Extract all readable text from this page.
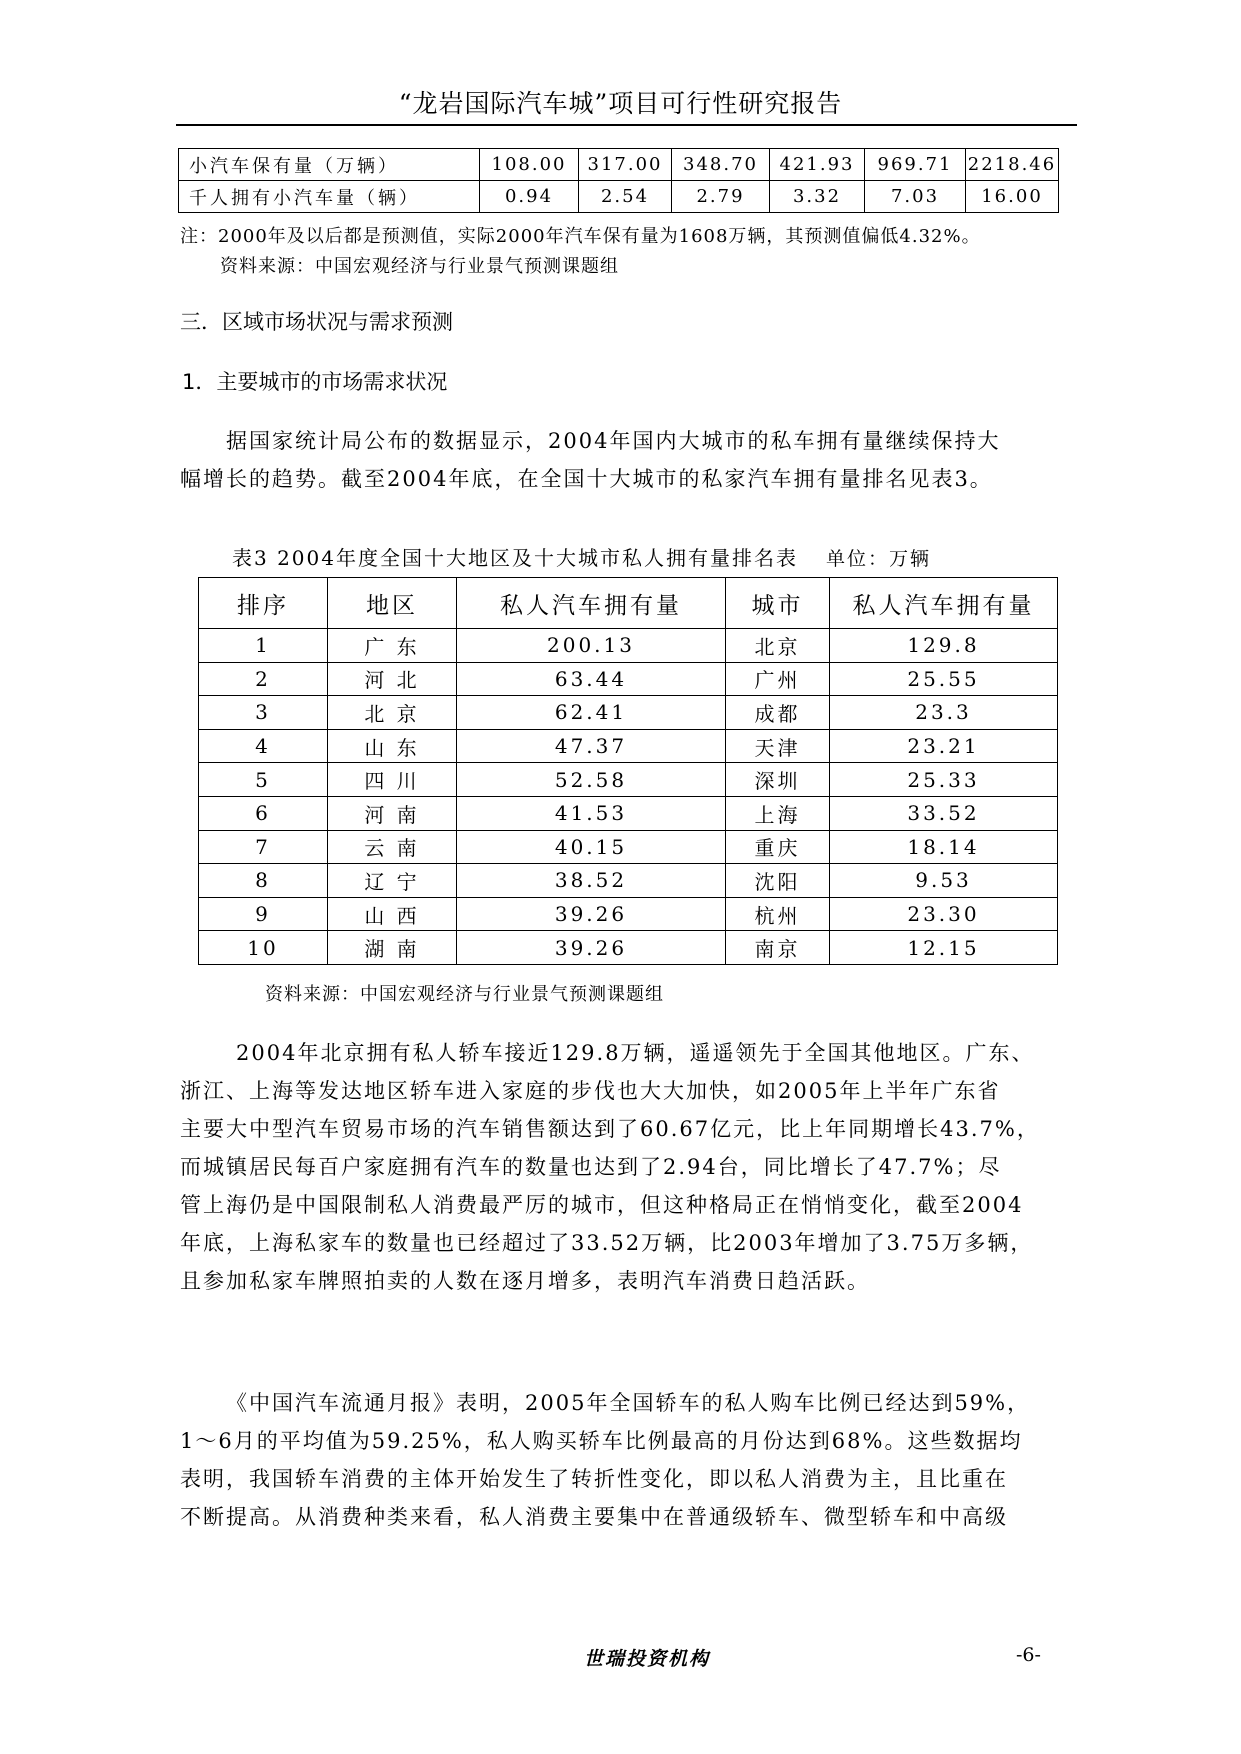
“龙岩国际汽车城”项目可行性研究报告
小汽车保有量（万辆）	108.00	317.00	348.70	421.93	969.71	2218.46
千人拥有小汽车量（辆）	0.94	2.54	2.79	3.32	7.03	16.00
注：2000年及以后都是预测值，实际2000年汽车保有量为1608万辆，其预测值偏低4.32%。
资料来源：中国宏观经济与行业景气预测课题组
三．区域市场状况与需求预测
1．主要城市的市场需求状况
据国家统计局公布的数据显示，2004年国内大城市的私车拥有量继续保持大
幅增长的趋势。截至2004年底，在全国十大城市的私家汽车拥有量排名见表3。
表3 2004年度全国十大地区及十大城市私人拥有量排名表 单位：万辆
排序	地区	私人汽车拥有量	城市	私人汽车拥有量
1	广 东	200.13	北京	129.8
2	河 北	63.44	广州	25.55
3	北 京	62.41	成都	23.3
4	山 东	47.37	天津	23.21
5	四 川	52.58	深圳	25.33
6	河 南	41.53	上海	33.52
7	云 南	40.15	重庆	18.14
8	辽 宁	38.52	沈阳	9.53
9	山 西	39.26	杭州	23.30
10	湖 南	39.26	南京	12.15
资料来源：中国宏观经济与行业景气预测课题组
2004年北京拥有私人轿车接近129.8万辆，遥遥领先于全国其他地区。广东、
浙江、上海等发达地区轿车进入家庭的步伐也大大加快，如2005年上半年广东省
主要大中型汽车贸易市场的汽车销售额达到了60.67亿元，比上年同期增长43.7%，
而城镇居民每百户家庭拥有汽车的数量也达到了2.94台，同比增长了47.7%；尽
管上海仍是中国限制私人消费最严厉的城市，但这种格局正在悄悄变化，截至2004
年底，上海私家车的数量也已经超过了33.52万辆，比2003年增加了3.75万多辆，
且参加私家车牌照拍卖的人数在逐月增多，表明汽车消费日趋活跃。
《中国汽车流通月报》表明，2005年全国轿车的私人购车比例已经达到59%，
1～6月的平均值为59.25%，私人购买轿车比例最高的月份达到68%。这些数据均
表明，我国轿车消费的主体开始发生了转折性变化，即以私人消费为主，且比重在
不断提高。从消费种类来看，私人消费主要集中在普通级轿车、微型轿车和中高级
世瑞投资机构	-6-
